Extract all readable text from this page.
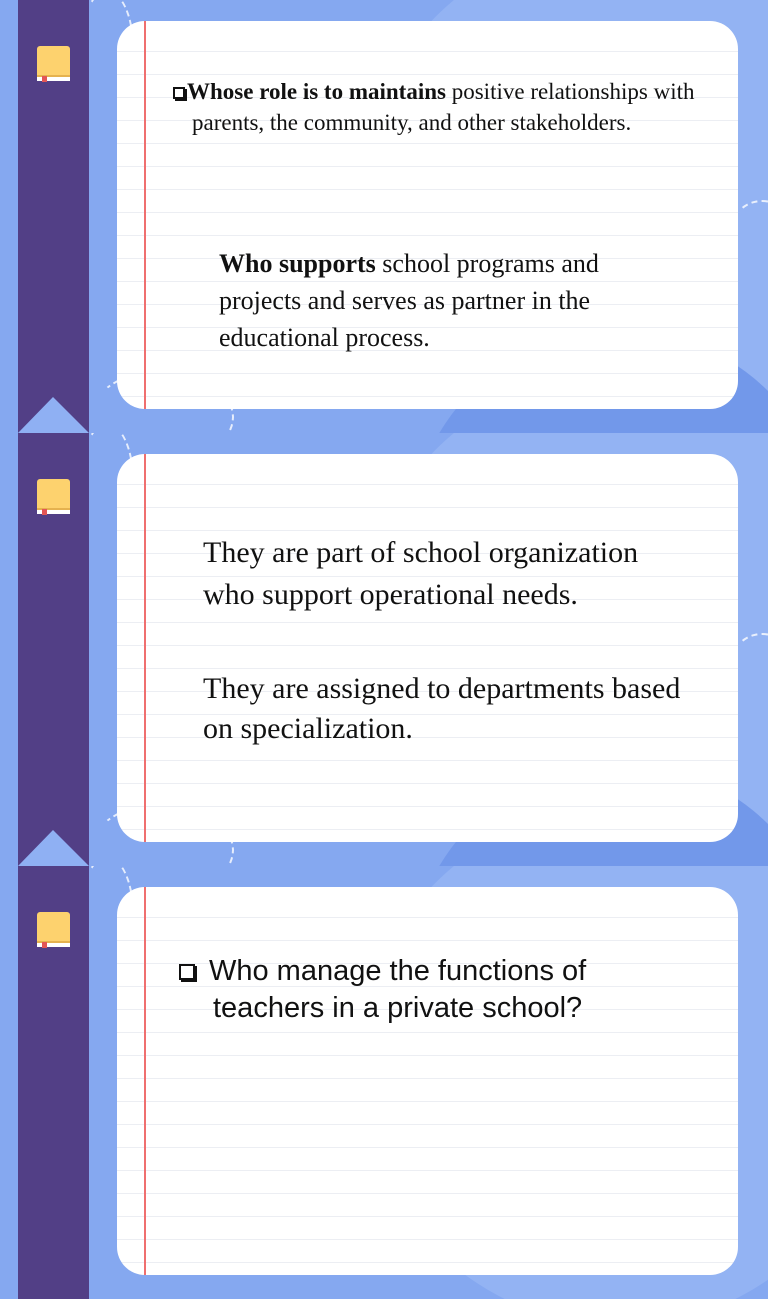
Whose role is to maintains positive relationships with parents, the community, and other stakeholders.
Who supports school programs and projects and serves as partner in the educational process.
They are part of school organization who support operational needs.
They are assigned to departments based on specialization.
Who manage the functions of teachers in a private school?
